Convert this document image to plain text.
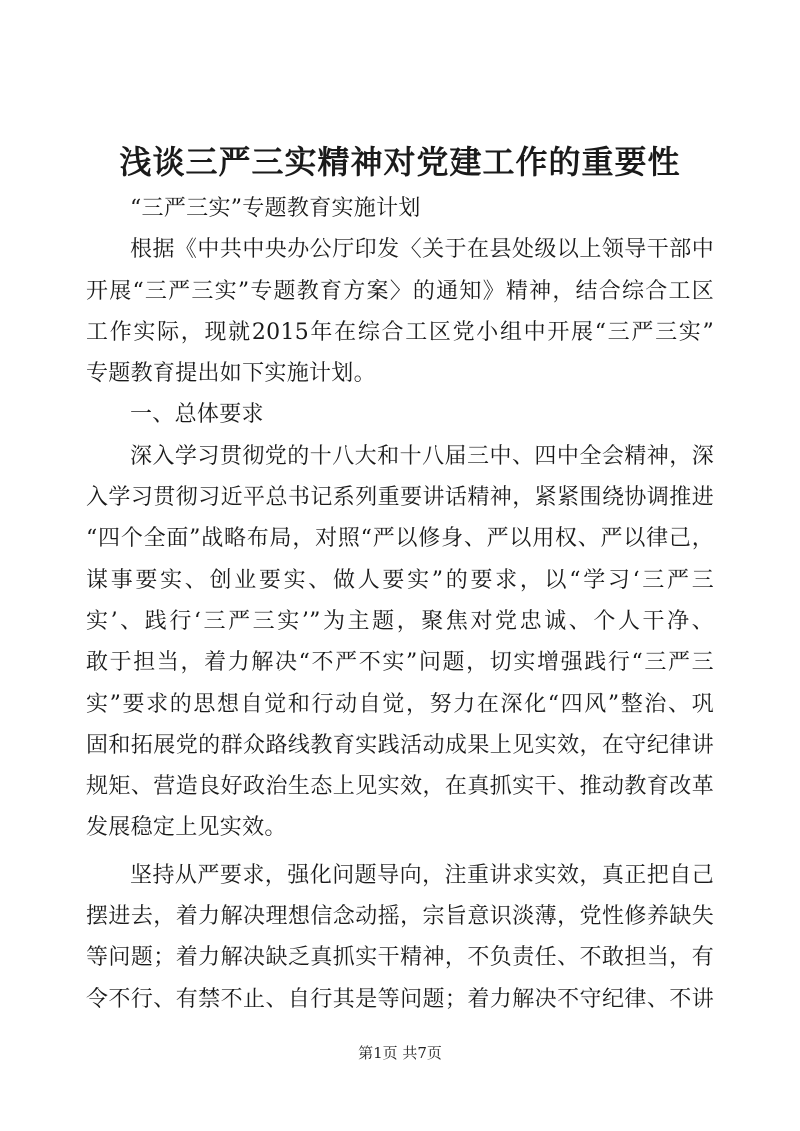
浅谈三严三实精神对党建工作的重要性
“三严三实”专题教育实施计划
根据《中共中央办公厅印发〈关于在县处级以上领导干部中
开展“三严三实”专题教育方案〉的通知》精神，结合综合工区
工作实际，现就2015年在综合工区党小组中开展“三严三实”
专题教育提出如下实施计划。
一、总体要求
深入学习贯彻党的十八大和十八届三中、四中全会精神，深
入学习贯彻习近平总书记系列重要讲话精神，紧紧围绕协调推进
“四个全面”战略布局，对照“严以修身、严以用权、严以律己，
谋事要实、创业要实、做人要实”的要求，以“学习‘三严三
实’、践行‘三严三实’”为主题，聚焦对党忠诚、个人干净、
敢于担当，着力解决“不严不实”问题，切实增强践行“三严三
实”要求的思想自觉和行动自觉，努力在深化“四风”整治、巩
固和拓展党的群众路线教育实践活动成果上见实效，在守纪律讲
规矩、营造良好政治生态上见实效，在真抓实干、推动教育改革
发展稳定上见实效。
坚持从严要求，强化问题导向，注重讲求实效，真正把自己
摆进去，着力解决理想信念动摇，宗旨意识淡薄，党性修养缺失
等问题；着力解决缺乏真抓实干精神，不负责任、不敢担当，有
令不行、有禁不止、自行其是等问题；着力解决不守纪律、不讲
第1页 共7页
